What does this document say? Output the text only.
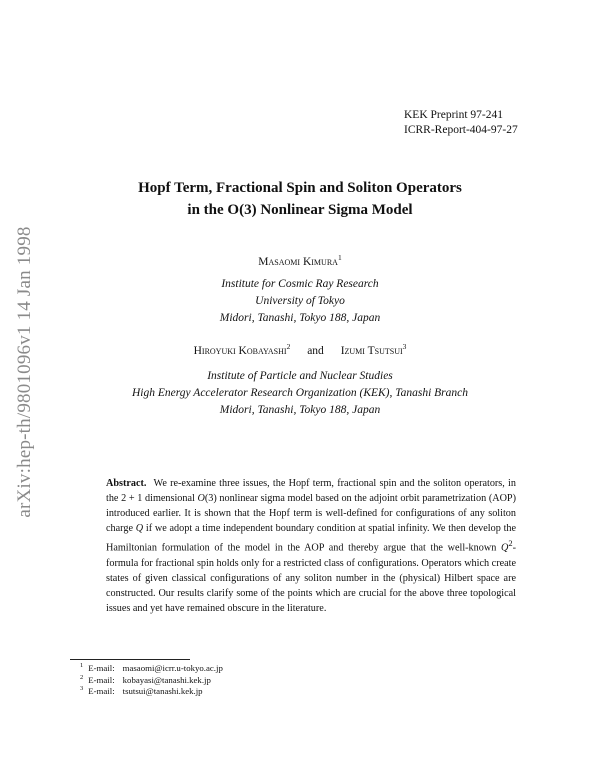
arXiv:hep-th/9801096v1 14 Jan 1998
KEK Preprint 97-241
ICRR-Report-404-97-27
Hopf Term, Fractional Spin and Soliton Operators
in the O(3) Nonlinear Sigma Model
Masaomi Kimura$^1$
Institute for Cosmic Ray Research
University of Tokyo
Midori, Tanashi, Tokyo 188, Japan
Hiroyuki Kobayashi$^2$ and Izumi Tsutsui$^3$
Institute of Particle and Nuclear Studies
High Energy Accelerator Research Organization (KEK), Tanashi Branch
Midori, Tanashi, Tokyo 188, Japan
Abstract. We re-examine three issues, the Hopf term, fractional spin and the soliton operators, in the 2 + 1 dimensional O(3) nonlinear sigma model based on the adjoint orbit parametrization (AOP) introduced earlier. It is shown that the Hopf term is well-defined for configurations of any soliton charge Q if we adopt a time independent boundary condition at spatial infinity. We then develop the Hamiltonian formulation of the model in the AOP and thereby argue that the well-known $Q^2$-formula for fractional spin holds only for a restricted class of configurations. Operators which create states of given classical configurations of any soliton number in the (physical) Hilbert space are constructed. Our results clarify some of the points which are crucial for the above three topological issues and yet have remained obscure in the literature.
$^1$ E-mail: masaomi@icrr.u-tokyo.ac.jp
$^2$ E-mail: kobayasi@tanashi.kek.jp
$^3$ E-mail: tsutsui@tanashi.kek.jp
